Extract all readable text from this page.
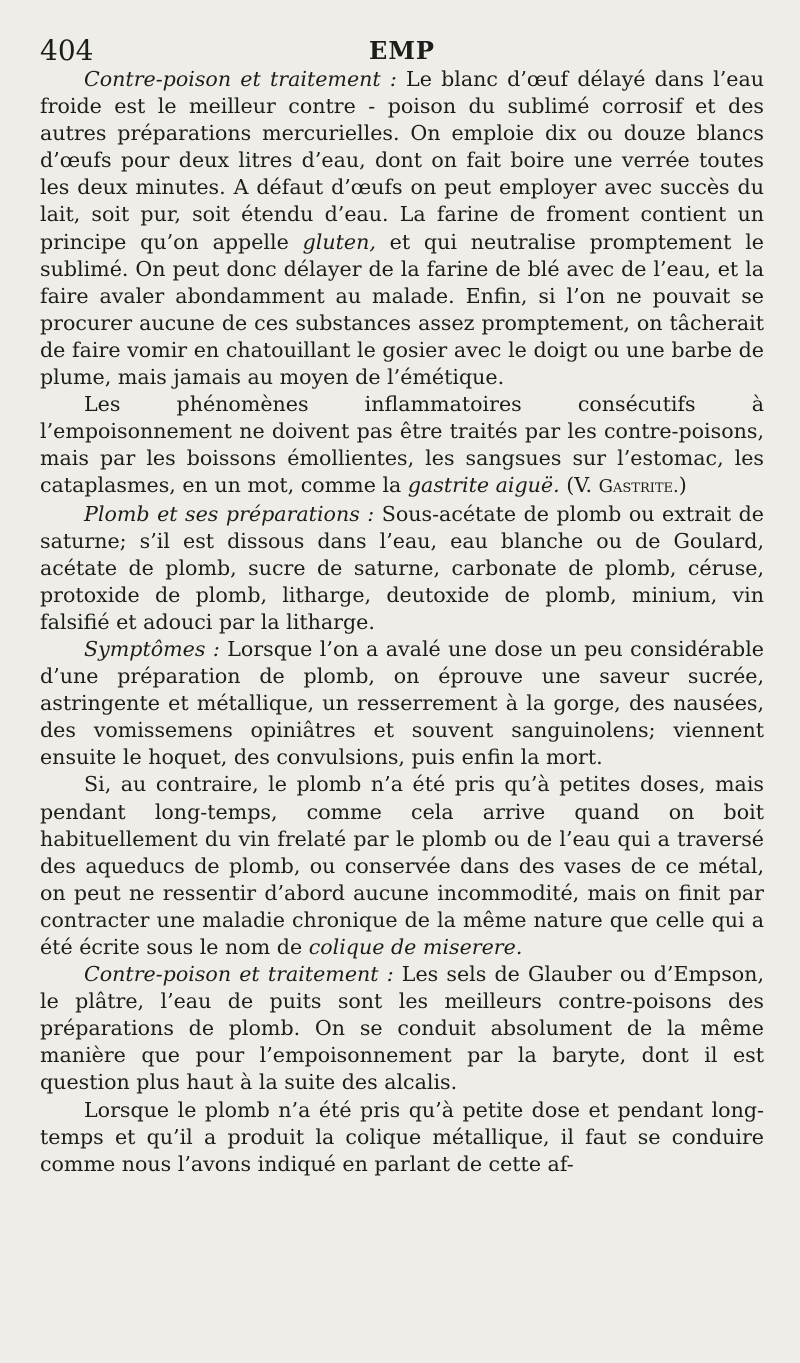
404	EMP

Contre-poison et traitement : Le blanc d’œuf délayé dans l’eau froide est le meilleur contre - poison du sublimé corrosif et des autres préparations mercurielles. On emploie dix ou douze blancs d’œufs pour deux litres d’eau, dont on fait boire une verrée toutes les deux minutes. A défaut d’œufs on peut employer avec succès du lait, soit pur, soit étendu d’eau. La farine de froment contient un principe qu’on appelle gluten, et qui neutralise promptement le sublimé. On peut donc délayer de la farine de blé avec de l’eau, et la faire avaler abondamment au malade. Enfin, si l’on ne pouvait se procurer aucune de ces substances assez promptement, on tâcherait de faire vomir en chatouillant le gosier avec le doigt ou une barbe de plume, mais jamais au moyen de l’émétique.

Les phénomènes inflammatoires consécutifs à l’empoisonnement ne doivent pas être traités par les contre-poisons, mais par les boissons émollientes, les sangsues sur l’estomac, les cataplasmes, en un mot, comme la gastrite aiguë. (V. Gastrite.)

Plomb et ses préparations : Sous-acétate de plomb ou extrait de saturne; s’il est dissous dans l’eau, eau blanche ou de Goulard, acétate de plomb, sucre de saturne, carbonate de plomb, céruse, protoxide de plomb, litharge, deutoxide de plomb, minium, vin falsifié et adouci par la litharge.

Symptômes : Lorsque l’on a avalé une dose un peu considérable d’une préparation de plomb, on éprouve une saveur sucrée, astringente et métallique, un resserrement à la gorge, des nausées, des vomissemens opiniâtres et souvent sanguinolens; viennent ensuite le hoquet, des convulsions, puis enfin la mort.

Si, au contraire, le plomb n’a été pris qu’à petites doses, mais pendant long-temps, comme cela arrive quand on boit habituellement du vin frelaté par le plomb ou de l’eau qui a traversé des aqueducs de plomb, ou conservée dans des vases de ce métal, on peut ne ressentir d’abord aucune incommodité, mais on finit par contracter une maladie chronique de la même nature que celle qui a été écrite sous le nom de colique de miserere.

Contre-poison et traitement : Les sels de Glauber ou d’Empson, le plâtre, l’eau de puits sont les meilleurs contre-poisons des préparations de plomb. On se conduit absolument de la même manière que pour l’empoisonnement par la baryte, dont il est question plus haut à la suite des alcalis.

Lorsque le plomb n’a été pris qu’à petite dose et pendant long-temps et qu’il a produit la colique métallique, il faut se conduire comme nous l’avons indiqué en parlant de cette af-
